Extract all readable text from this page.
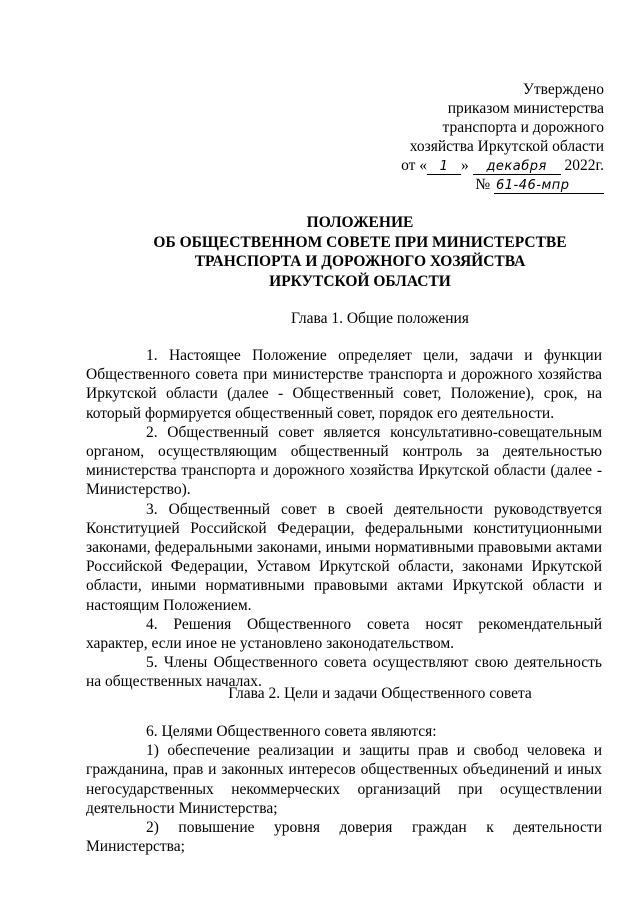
Утверждено
приказом министерства
транспорта и дорожного
хозяйства Иркутской области
от « 1 » декабря 2022г.
№ 61-46-мпр
ПОЛОЖЕНИЕ
ОБ ОБЩЕСТВЕННОМ СОВЕТЕ ПРИ МИНИСТЕРСТВЕ
ТРАНСПОРТА И ДОРОЖНОГО ХОЗЯЙСТВА
ИРКУТСКОЙ ОБЛАСТИ
Глава 1. Общие положения

1. Настоящее Положение определяет цели, задачи и функции Общественного совета при министерстве транспорта и дорожного хозяйства Иркутской области (далее - Общественный совет, Положение), срок, на который формируется общественный совет, порядок его деятельности.

2. Общественный совет является консультативно-совещательным органом, осуществляющим общественный контроль за деятельностью министерства транспорта и дорожного хозяйства Иркутской области (далее - Министерство).

3. Общественный совет в своей деятельности руководствуется Конституцией Российской Федерации, федеральными конституционными законами, федеральными законами, иными нормативными правовыми актами Российской Федерации, Уставом Иркутской области, законами Иркутской области, иными нормативными правовыми актами Иркутской области и настоящим Положением.

4. Решения Общественного совета носят рекомендательный характер, если иное не установлено законодательством.

5. Члены Общественного совета осуществляют свою деятельность на общественных началах.

Глава 2. Цели и задачи Общественного совета

6. Целями Общественного совета являются:

1) обеспечение реализации и защиты прав и свобод человека и гражданина, прав и законных интересов общественных объединений и иных негосударственных некоммерческих организаций при осуществлении деятельности Министерства;

2) повышение уровня доверия граждан к деятельности Министерства;
